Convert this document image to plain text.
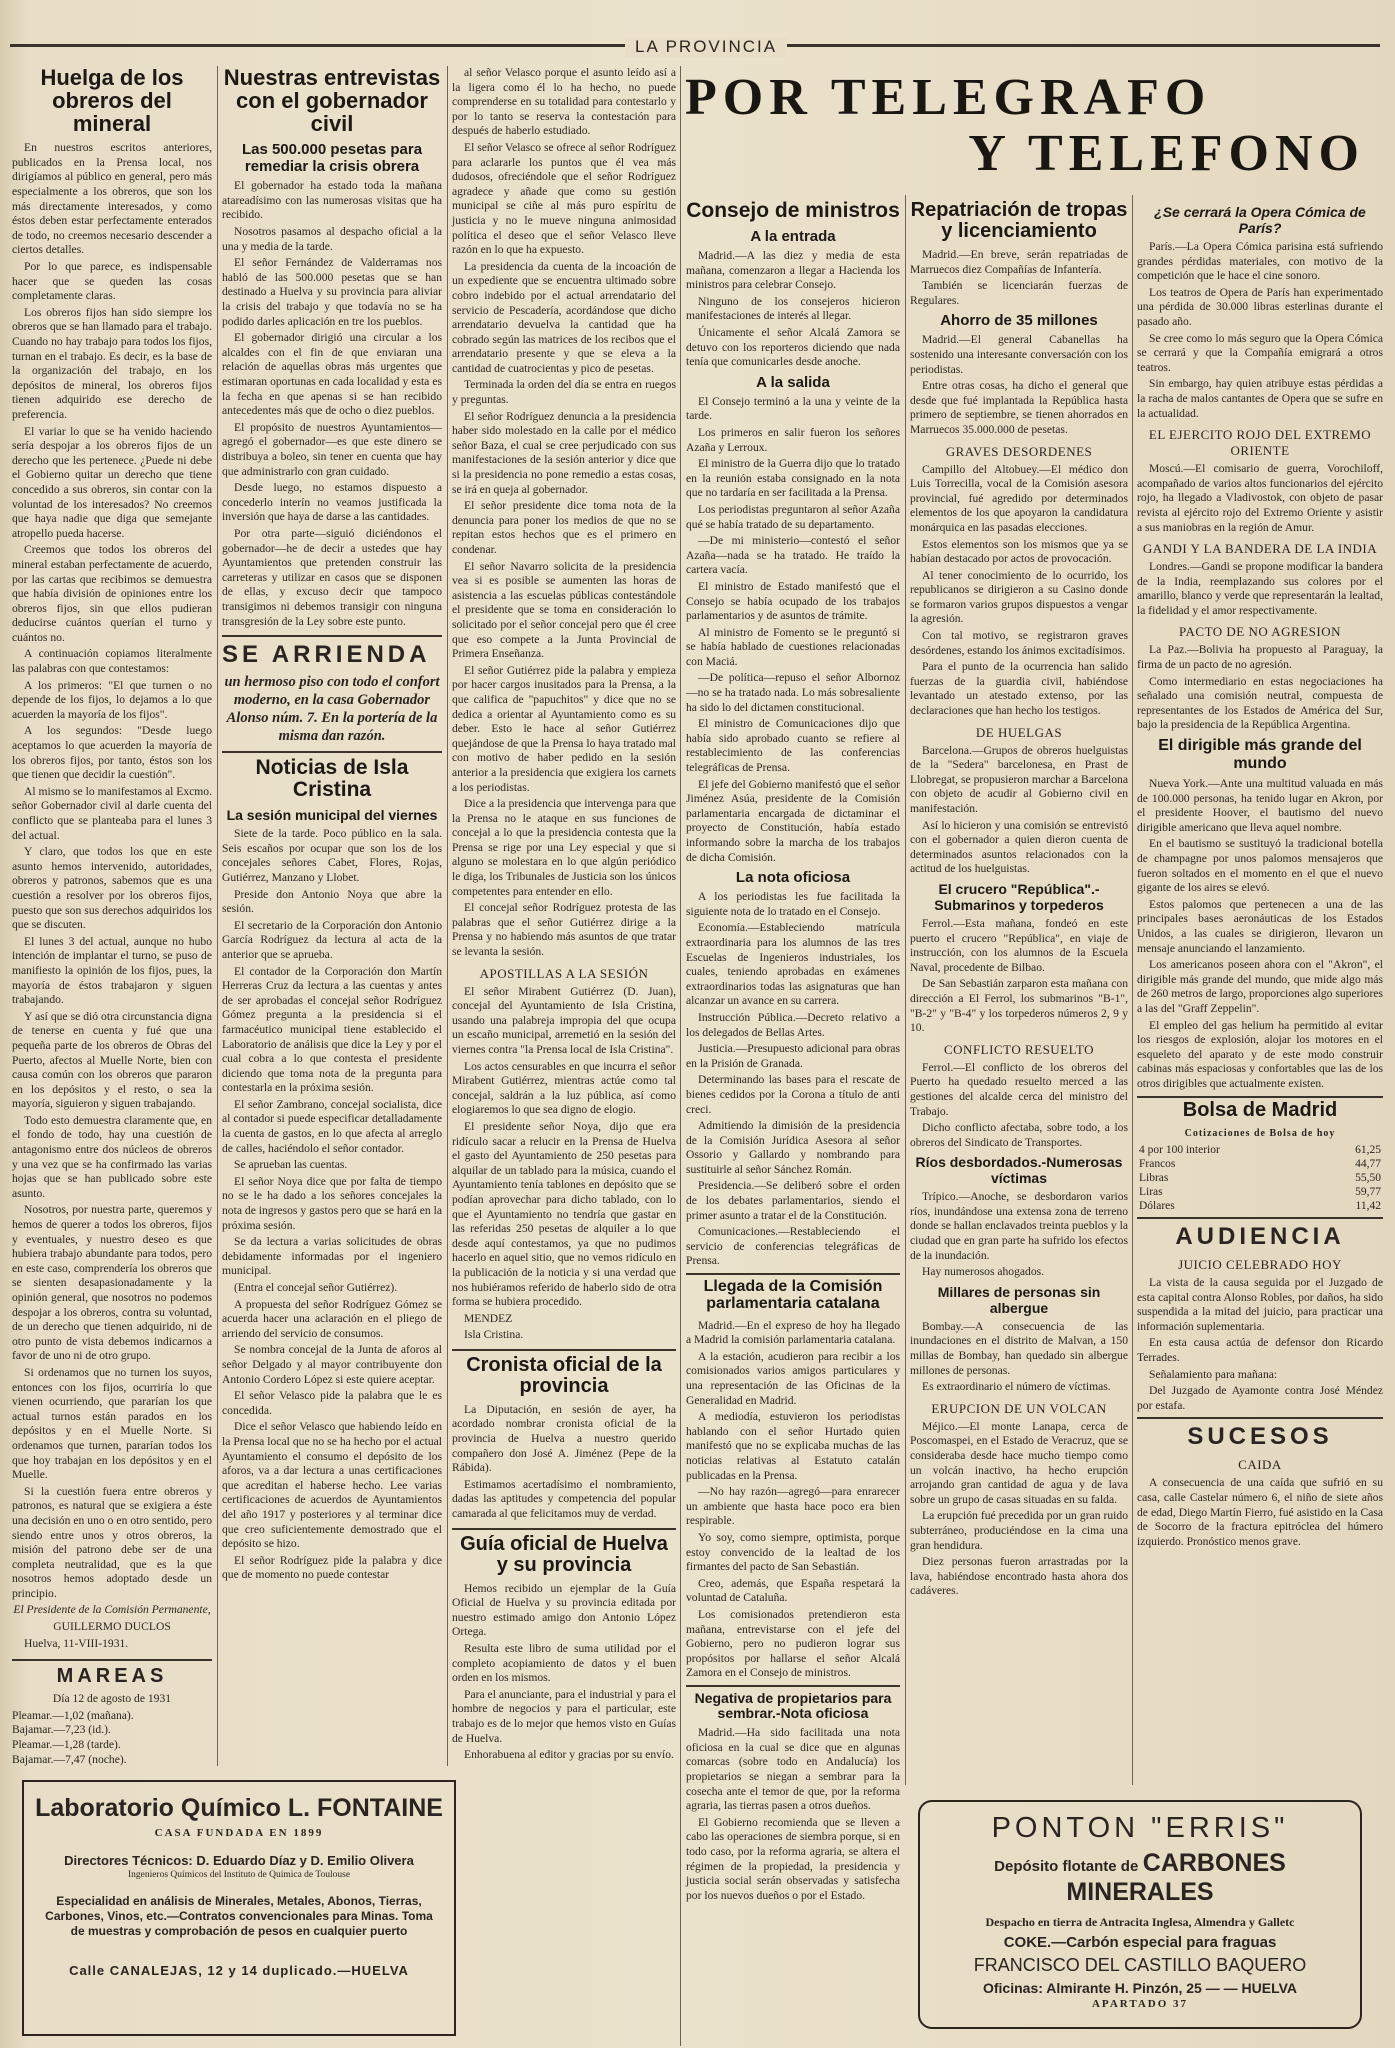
LA PROVINCIA
Huelga de los obreros del mineral

En nuestros escritos anteriores, publicados en la Prensa local, nos dirigíamos al público en general, pero más especialmente a los obreros, que son los más directamente interesados, y como éstos deben estar perfectamente enterados de todo, no creemos necesario descender a ciertos detalles.

Por lo que parece, es indispensable hacer que se queden las cosas completamente claras.

Los obreros fijos han sido siempre los obreros que se han llamado para el trabajo. Cuando no hay trabajo para todos los fijos, turnan en el trabajo. Es decir, es la base de la organización del trabajo, en los depósitos de mineral, los obreros fijos tienen adquirido ese derecho de preferencia.

El variar lo que se ha venido haciendo sería despojar a los obreros fijos de un derecho que les pertenece. ¿Puede ni debe el Gobierno quitar un derecho que tiene concedido a sus obreros, sin contar con la voluntad de los interesados? No creemos que haya nadie que diga que semejante atropello pueda hacerse.

Creemos que todos los obreros del mineral estaban perfectamente de acuerdo, por las cartas que recibimos se demuestra que había división de opiniones entre los obreros fijos, sin que ellos pudieran deducirse cuántos querían el turno y cuántos no.

A continuación copiamos literalmente las palabras con que contestamos:

A los primeros: "El que turnen o no depende de los fijos, lo dejamos a lo que acuerden la mayoría de los fijos".

A los segundos: "Desde luego aceptamos lo que acuerden la mayoría de los obreros fijos, por tanto, éstos son los que tienen que decidir la cuestión".

Al mismo se lo manifestamos al Excmo. señor Gobernador civil al darle cuenta del conflicto que se planteaba para el lunes 3 del actual.

Y claro, que todos los que en este asunto hemos intervenido, autoridades, obreros y patronos, sabemos que es una cuestión a resolver por los obreros fijos, puesto que son sus derechos adquiridos los que se discuten.

El lunes 3 del actual, aunque no hubo intención de implantar el turno, se puso de manifiesto la opinión de los fijos, pues, la mayoría de éstos trabajaron y siguen trabajando.

Y así que se dió otra circunstancia digna de tenerse en cuenta y fué que una pequeña parte de los obreros de Obras del Puerto, afectos al Muelle Norte, bien con causa común con los obreros que pararon en los depósitos y el resto, o sea la mayoría, siguieron y siguen trabajando.

Todo esto demuestra claramente que, en el fondo de todo, hay una cuestión de antagonismo entre dos núcleos de obreros y una vez que se ha confirmado las varias hojas que se han publicado sobre este asunto.

Nosotros, por nuestra parte, queremos y hemos de querer a todos los obreros, fijos y eventuales, y nuestro deseo es que hubiera trabajo abundante para todos, pero en este caso, comprendería los obreros que se sienten desapasionadamente y la opinión general, que nosotros no podemos despojar a los obreros, contra su voluntad, de un derecho que tienen adquirido, ni de otro punto de vista debemos indicarnos a favor de uno ni de otro grupo.

Si ordenamos que no turnen los suyos, entonces con los fijos, ocurriría lo que vienen ocurriendo, que pararían los que actual turnos están parados en los depósitos y en el Muelle Norte. Si ordenamos que turnen, pararían todos los que hoy trabajan en los depósitos y en el Muelle.

Si la cuestión fuera entre obreros y patronos, es natural que se exigiera a éste una decisión en uno o en otro sentido, pero siendo entre unos y otros obreros, la misión del patrono debe ser de una completa neutralidad, que es la que nosotros hemos adoptado desde un principio.

El Presidente de la Comisión Permanente,

GUILLERMO DUCLOS

Huelva, 11-VIII-1931.

MAREAS

Día 12 de agosto de 1931

Pleamar.—1,02 (mañana).
Bajamar.—7,23 (id.).
Pleamar.—1,28 (tarde).
Bajamar.—7,47 (noche).
Nuestras entrevistas con el gobernador civil
Las 500.000 pesetas para remediar la crisis obrera

El gobernador ha estado toda la mañana atareadísimo con las numerosas visitas que ha recibido.

Nosotros pasamos al despacho oficial a la una y media de la tarde.

El señor Fernández de Valderramas nos habló de las 500.000 pesetas que se han destinado a Huelva y su provincia para aliviar la crisis del trabajo y que todavía no se ha podido darles aplicación en tre los pueblos.

El gobernador dirigió una circular a los alcaldes con el fin de que enviaran una relación de aquellas obras más urgentes que estimaran oportunas en cada localidad y esta es la fecha en que apenas si se han recibido antecedentes más que de ocho o diez pueblos.

El propósito de nuestros Ayuntamientos—agregó el gobernador—es que este dinero se distribuya a boleo, sin tener en cuenta que hay que administrarlo con gran cuidado.

Desde luego, no estamos dispuesto a concederlo interín no veamos justificada la inversión que haya de darse a las cantidades.

Por otra parte—siguió diciéndonos el gobernador—he de decir a ustedes que hay Ayuntamientos que pretenden construir las carreteras y utilizar en casos que se disponen de ellas, y excuso decir que tampoco transigimos ni debemos transigir con ninguna transgresión de la Ley sobre este punto.

SE ARRIENDA

un hermoso piso con todo el confort moderno, en la casa Gobernador Alonso núm. 7. En la portería de la misma dan razón.

Noticias de Isla Cristina
La sesión municipal del viernes

Siete de la tarde. Poco público en la sala. Seis escaños por ocupar que son los de los concejales señores Cabet, Flores, Rojas, Gutiérrez, Manzano y Llobet.

Preside don Antonio Noya que abre la sesión.

El secretario de la Corporación don Antonio García Rodríguez da lectura al acta de la anterior que se aprueba.

El contador de la Corporación don Martín Herreras Cruz da lectura a las cuentas y antes de ser aprobadas el concejal señor Rodríguez Gómez pregunta a la presidencia si el farmacéutico municipal tiene establecido el Laboratorio de análisis que dice la Ley y por el cual cobra a lo que contesta el presidente diciendo que toma nota de la pregunta para contestarla en la próxima sesión.

El señor Zambrano, concejal socialista, dice al contador si puede especificar detalladamente la cuenta de gastos, en lo que afecta al arreglo de calles, haciéndolo el señor contador.

Se aprueban las cuentas.

El señor Noya dice que por falta de tiempo no se le ha dado a los señores concejales la nota de ingresos y gastos pero que se hará en la próxima sesión.

Se da lectura a varias solicitudes de obras debidamente informadas por el ingeniero municipal.

(Entra el concejal señor Gutiérrez).

A propuesta del señor Rodríguez Gómez se acuerda hacer una aclaración en el pliego de arriendo del servicio de consumos.

Se nombra concejal de la Junta de aforos al señor Delgado y al mayor contribuyente don Antonio Cordero López si este quiere aceptar.

El señor Velasco pide la palabra que le es concedida.

Dice el señor Velasco que habiendo leído en la Prensa local que no se ha hecho por el actual Ayuntamiento el consumo el depósito de los aforos, va a dar lectura a unas certificaciones que acreditan el haberse hecho. Lee varias certificaciones de acuerdos de Ayuntamientos del año 1917 y posteriores y al terminar dice que creo suficientemente demostrado que el depósito se hizo.

El señor Rodríguez pide la palabra y dice que de momento no puede contestar

al señor Velasco porque el asunto leído así a la ligera como él lo ha hecho, no puede comprenderse en su totalidad para contestarlo y por lo tanto se reserva la contestación para después de haberlo estudiado.

El señor Velasco se ofrece al señor Rodríguez para aclararle los puntos que él vea más dudosos, ofreciéndole que el señor Rodríguez agradece y añade que como su gestión municipal se ciñe al más puro espíritu de justicia y no le mueve ninguna animosidad política el deseo que el señor Velasco lleve razón en lo que ha expuesto.

La presidencia da cuenta de la incoación de un expediente que se encuentra ultimado sobre cobro indebido por el actual arrendatario del servicio de Pescadería, acordándose que dicho arrendatario devuelva la cantidad que ha cobrado según las matrices de los recibos que el arrendatario presente y que se eleva a la cantidad de cuatrocientas y pico de pesetas.

Terminada la orden del día se entra en ruegos y preguntas.

El señor Rodríguez denuncia a la presidencia haber sido molestado en la calle por el médico señor Baza, el cual se cree perjudicado con sus manifestaciones de la sesión anterior y dice que si la presidencia no pone remedio a estas cosas, se irá en queja al gobernador.

El señor presidente dice toma nota de la denuncia para poner los medios de que no se repitan estos hechos que es el primero en condenar.

El señor Navarro solicita de la presidencia vea si es posible se aumenten las horas de asistencia a las escuelas públicas contestándole el presidente que se toma en consideración lo solicitado por el señor concejal pero que él cree que eso compete a la Junta Provincial de Primera Enseñanza.

El señor Gutiérrez pide la palabra y empieza por hacer cargos inusitados para la Prensa, a la que califica de "papuchitos" y dice que no se dedica a orientar al Ayuntamiento como es su deber. Esto le hace al señor Gutiérrez quejándose de que la Prensa lo haya tratado mal con motivo de haber pedido en la sesión anterior a la presidencia que exigiera los carnets a los periodistas.

Dice a la presidencia que intervenga para que la Prensa no le ataque en sus funciones de concejal a lo que la presidencia contesta que la Prensa se rige por una Ley especial y que si alguno se molestara en lo que algún periódico le diga, los Tribunales de Justicia son los únicos competentes para entender en ello.

El concejal señor Rodríguez protesta de las palabras que el señor Gutiérrez dirige a la Prensa y no habiendo más asuntos de que tratar se levanta la sesión.

APOSTILLAS A LA SESIÓN

El señor Mirabent Gutiérrez (D. Juan), concejal del Ayuntamiento de Isla Cristina, usando una palabreja impropia del que ocupa un escaño municipal, arremetió en la sesión del viernes contra "la Prensa local de Isla Cristina".

Los actos censurables en que incurra el señor Mirabent Gutiérrez, mientras actúe como tal concejal, saldrán a la luz pública, así como elogiaremos lo que sea digno de elogio.

El presidente señor Noya, dijo que era ridículo sacar a relucir en la Prensa de Huelva el gasto del Ayuntamiento de 250 pesetas para alquilar de un tablado para la música, cuando el Ayuntamiento tenía tablones en depósito que se podían aprovechar para dicho tablado, con lo que el Ayuntamiento no tendría que gastar en las referidas 250 pesetas de alquiler a lo que desde aquí contestamos, ya que no pudimos hacerlo en aquel sitio, que no vemos ridículo en la publicación de la noticia y si una verdad que nos hubiéramos referido de haberlo sido de otra forma se hubiera procedido.

MENDEZ

Isla Cristina.

Cronista oficial de la provincia

La Diputación, en sesión de ayer, ha acordado nombrar cronista oficial de la provincia de Huelva a nuestro querido compañero don José A. Jiménez (Pepe de la Rábida).

Estimamos acertadísimo el nombramiento, dadas las aptitudes y competencia del popular camarada al que felicitamos muy de verdad.

Guía oficial de Huelva y su provincia

Hemos recibido un ejemplar de la Guía Oficial de Huelva y su provincia editada por nuestro estimado amigo don Antonio López Ortega.

Resulta este libro de suma utilidad por el completo acopiamiento de datos y el buen orden en los mismos.

Para el anunciante, para el industrial y para el hombre de negocios y para el particular, este trabajo es de lo mejor que hemos visto en Guías de Huelva.

Enhorabuena al editor y gracias por su envío.

POR TELEGRAFO
Y TELEFONO
Consejo de ministros
A la entrada

Madrid.—A las diez y media de esta mañana, comenzaron a llegar a Hacienda los ministros para celebrar Consejo.

Ninguno de los consejeros hicieron manifestaciones de interés al llegar.

Únicamente el señor Alcalá Zamora se detuvo con los reporteros diciendo que nada tenía que comunicarles desde anoche.

A la salida

El Consejo terminó a la una y veinte de la tarde.

Los primeros en salir fueron los señores Azaña y Lerroux.

El ministro de la Guerra dijo que lo tratado en la reunión estaba consignado en la nota que no tardaría en ser facilitada a la Prensa.

Los periodistas preguntaron al señor Azaña qué se había tratado de su departamento.

—De mi ministerio—contestó el señor Azaña—nada se ha tratado. He traído la cartera vacía.

El ministro de Estado manifestó que el Consejo se había ocupado de los trabajos parlamentarios y de asuntos de trámite.

Al ministro de Fomento se le preguntó si se había hablado de cuestiones relacionadas con Maciá.

—De política—repuso el señor Albornoz—no se ha tratado nada. Lo más sobresaliente ha sido lo del dictamen constitucional.

El ministro de Comunicaciones dijo que había sido aprobado cuanto se refiere al restablecimiento de las conferencias telegráficas de Prensa.

El jefe del Gobierno manifestó que el señor Jiménez Asúa, presidente de la Comisión parlamentaria encargada de dictaminar el proyecto de Constitución, había estado informando sobre la marcha de los trabajos de dicha Comisión.

La nota oficiosa

A los periodistas les fue facilitada la siguiente nota de lo tratado en el Consejo.

Economía.—Estableciendo matrícula extraordinaria para los alumnos de las tres Escuelas de Ingenieros industriales, los cuales, teniendo aprobadas en exámenes extraordinarios todas las asignaturas que han alcanzar un avance en su carrera.

Instrucción Pública.—Decreto relativo a los delegados de Bellas Artes.

Justicia.—Presupuesto adicional para obras en la Prisión de Granada.

Determinando las bases para el rescate de bienes cedidos por la Corona a título de anti creci.

Admitiendo la dimisión de la presidencia de la Comisión Jurídica Asesora al señor Ossorio y Gallardo y nombrando para sustituirle al señor Sánchez Román.

Presidencia.—Se deliberó sobre el orden de los debates parlamentarios, siendo el primer asunto a tratar el de la Constitución.

Comunicaciones.—Restableciendo el servicio de conferencias telegráficas de Prensa.

Llegada de la Comisión parlamentaria catalana

Madrid.—En el expreso de hoy ha llegado a Madrid la comisión parlamentaria catalana.

A la estación, acudieron para recibir a los comisionados varios amigos particulares y una representación de las Oficinas de la Generalidad en Madrid.

A mediodía, estuvieron los periodistas hablando con el señor Hurtado quien manifestó que no se explicaba muchas de las noticias relativas al Estatuto catalán publicadas en la Prensa.

—No hay razón—agregó—para enrarecer un ambiente que hasta hace poco era bien respirable.

Yo soy, como siempre, optimista, porque estoy convencido de la lealtad de los firmantes del pacto de San Sebastián.

Creo, además, que España respetará la voluntad de Cataluña.

Los comisionados pretendieron esta mañana, entrevistarse con el jefe del Gobierno, pero no pudieron lograr sus propósitos por hallarse el señor Alcalá Zamora en el Consejo de ministros.

Negativa de propietarios para sembrar.-Nota oficiosa

Madrid.—Ha sido facilitada una nota oficiosa en la cual se dice que en algunas comarcas (sobre todo en Andalucía) los propietarios se niegan a sembrar para la cosecha ante el temor de que, por la reforma agraria, las tierras pasen a otros dueños.

El Gobierno recomienda que se lleven a cabo las operaciones de siembra porque, si en todo caso, por la reforma agraria, se altera el régimen de la propiedad, la presidencia y justicia social serán observadas y satisfecha por los nuevos dueños o por el Estado.

Repatriación de tropas y licenciamiento

Madrid.—En breve, serán repatriadas de Marruecos diez Compañías de Infantería.

También se licenciarán fuerzas de Regulares.

Ahorro de 35 millones

Madrid.—El general Cabanellas ha sostenido una interesante conversación con los periodistas.

Entre otras cosas, ha dicho el general que desde que fué implantada la República hasta primero de septiembre, se tienen ahorrados en Marruecos 35.000.000 de pesetas.

GRAVES DESORDENES

Campillo del Altobuey.—El médico don Luis Torrecilla, vocal de la Comisión asesora provincial, fué agredido por determinados elementos de los que apoyaron la candidatura monárquica en las pasadas elecciones.

Estos elementos son los mismos que ya se habían destacado por actos de provocación.

Al tener conocimiento de lo ocurrido, los republicanos se dirigieron a su Casino donde se formaron varios grupos dispuestos a vengar la agresión.

Con tal motivo, se registraron graves desórdenes, estando los ánimos excitadísimos.

Para el punto de la ocurrencia han salido fuerzas de la guardia civil, habiéndose levantado un atestado extenso, por las declaraciones que han hecho los testigos.

DE HUELGAS

Barcelona.—Grupos de obreros huelguistas de la "Sedera" barcelonesa, en Prast de Llobregat, se propusieron marchar a Barcelona con objeto de acudir al Gobierno civil en manifestación.

Así lo hicieron y una comisión se entrevistó con el gobernador a quien dieron cuenta de determinados asuntos relacionados con la actitud de los huelguistas.

El crucero "República".-Submarinos y torpederos

Ferrol.—Esta mañana, fondeó en este puerto el crucero "República", en viaje de instrucción, con los alumnos de la Escuela Naval, procedente de Bilbao.

De San Sebastián zarparon esta mañana con dirección a El Ferrol, los submarinos "B-1", "B-2" y "B-4" y los torpederos números 2, 9 y 10.

CONFLICTO RESUELTO

Ferrol.—El conflicto de los obreros del Puerto ha quedado resuelto merced a las gestiones del alcalde cerca del ministro del Trabajo.

Dicho conflicto afectaba, sobre todo, a los obreros del Sindicato de Transportes.

Ríos desbordados.-Numerosas víctimas

Trípico.—Anoche, se desbordaron varios ríos, inundándose una extensa zona de terreno donde se hallan enclavados treinta pueblos y la ciudad que en gran parte ha sufrido los efectos de la inundación.

Hay numerosos ahogados.

Millares de personas sin albergue

Bombay.—A consecuencia de las inundaciones en el distrito de Malvan, a 150 millas de Bombay, han quedado sin albergue millones de personas.

Es extraordinario el número de víctimas.

ERUPCION DE UN VOLCAN

Méjico.—El monte Lanapa, cerca de Poscomaspei, en el Estado de Veracruz, que se consideraba desde hace mucho tiempo como un volcán inactivo, ha hecho erupción arrojando gran cantidad de agua y de lava sobre un grupo de casas situadas en su falda.

La erupción fué precedida por un gran ruido subterráneo, produciéndose en la cima una gran hendidura.

Diez personas fueron arrastradas por la lava, habiéndose encontrado hasta ahora dos cadáveres.

¿Se cerrará la Opera Cómica de París?

París.—La Opera Cómica parisina está sufriendo grandes pérdidas materiales, con motivo de la competición que le hace el cine sonoro.

Los teatros de Opera de París han experimentado una pérdida de 30.000 libras esterlinas durante el pasado año.

Se cree como lo más seguro que la Opera Cómica se cerrará y que la Compañía emigrará a otros teatros.

Sin embargo, hay quien atribuye estas pérdidas a la racha de malos cantantes de Opera que se sufre en la actualidad.

EL EJERCITO ROJO DEL EXTREMO ORIENTE

Moscú.—El comisario de guerra, Vorochiloff, acompañado de varios altos funcionarios del ejército rojo, ha llegado a Vladivostok, con objeto de pasar revista al ejército rojo del Extremo Oriente y asistir a sus maniobras en la región de Amur.

GANDI Y LA BANDERA DE LA INDIA

Londres.—Gandi se propone modificar la bandera de la India, reemplazando sus colores por el amarillo, blanco y verde que representarán la lealtad, la fidelidad y el amor respectivamente.

PACTO DE NO AGRESION

La Paz.—Bolivia ha propuesto al Paraguay, la firma de un pacto de no agresión.

Como intermediario en estas negociaciones ha señalado una comisión neutral, compuesta de representantes de los Estados de América del Sur, bajo la presidencia de la República Argentina.

El dirigible más grande del mundo

Nueva York.—Ante una multitud valuada en más de 100.000 personas, ha tenido lugar en Akron, por el presidente Hoover, el bautismo del nuevo dirigible americano que lleva aquel nombre.

En el bautismo se sustituyó la tradicional botella de champagne por unos palomos mensajeros que fueron soltados en el momento en el que el nuevo gigante de los aires se elevó.

Estos palomos que pertenecen a una de las principales bases aeronáuticas de los Estados Unidos, a las cuales se dirigieron, llevaron un mensaje anunciando el lanzamiento.

Los americanos poseen ahora con el "Akron", el dirigible más grande del mundo, que mide algo más de 260 metros de largo, proporciones algo superiores a las del "Graff Zeppelin".

El empleo del gas helium ha permitido al evitar los riesgos de explosión, alojar los motores en el esqueleto del aparato y de este modo construir cabinas más espaciosas y confortables que las de los otros dirigibles que actualmente existen.

Bolsa de Madrid

Cotizaciones de Bolsa de hoy

4 por 100 interior	61,25
Francos	44,77
Libras	55,50
Liras	59,77
Dólares	11,42
AUDIENCIA
JUICIO CELEBRADO HOY

La vista de la causa seguida por el Juzgado de esta capital contra Alonso Robles, por daños, ha sido suspendida a la mitad del juicio, para practicar una información suplementaria.

En esta causa actúa de defensor don Ricardo Terrades.

Señalamiento para mañana:

Del Juzgado de Ayamonte contra José Méndez por estafa.

SUCESOS
CAIDA

A consecuencia de una caída que sufrió en su casa, calle Castelar número 6, el niño de siete años de edad, Diego Martín Fierro, fué asistido en la Casa de Socorro de la fractura epitróclea del húmero izquierdo. Pronóstico menos grave.

Laboratorio Químico L. FONTAINE
CASA FUNDADA EN 1899
Directores Técnicos: D. Eduardo Díaz y D. Emilio Olivera
Ingenieros Químicos del Instituto de Química de Toulouse
Especialidad en análisis de Minerales, Metales, Abonos, Tierras, Carbones, Vinos, etc.—Contratos convencionales para Minas. Toma de muestras y comprobación de pesos en cualquier puerto
Calle CANALEJAS, 12 y 14 duplicado.—HUELVA
PONTON "ERRIS"
Depósito flotante de CARBONES MINERALES
Despacho en tierra de Antracita Inglesa, Almendra y Galletc
COKE.—Carbón especial para fraguas
FRANCISCO DEL CASTILLO BAQUERO
Oficinas: Almirante H. Pinzón, 25 — — HUELVA
APARTADO 37
